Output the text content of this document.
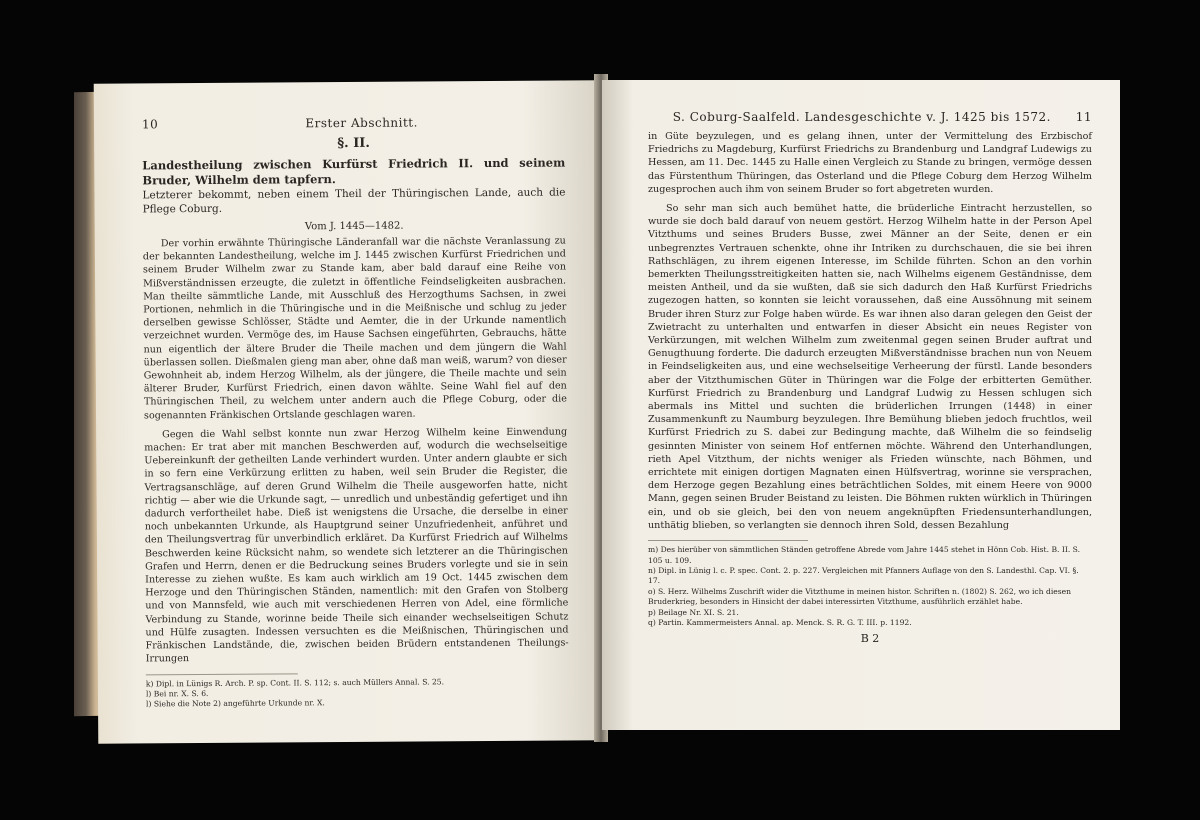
10	Erster Abschnitt.
§. II.
Landestheilung zwischen Kurfürst Friedrich II. und seinem Bruder, Wilhelm dem tapfern.
Letzterer bekommt, neben einem Theil der Thüringischen Lande, auch die Pflege Coburg.
Vom J. 1445—1482.

Der vorhin erwähnte Thüringische Länderanfall war die nächste Veranlassung zu der bekannten Landestheilung, welche im J. 1445 zwischen Kurfürst Friedrichen und seinem Bruder Wilhelm zwar zu Stande kam, aber bald darauf eine Reihe von Mißverständnissen erzeugte, die zuletzt in öffentliche Feindseligkeiten ausbrachen. Man theilte sämmtliche Lande, mit Ausschluß des Herzogthums Sachsen, in zwei Portionen, nehmlich in die Thüringische und in die Meißnische und schlug zu jeder derselben gewisse Schlösser, Städte und Aemter, die in der Urkunde namentlich verzeichnet wurden. Vermöge des, im Hause Sachsen eingeführten, Gebrauchs, hätte nun eigentlich der ältere Bruder die Theile machen und dem jüngern die Wahl überlassen sollen. Dießmalen gieng man aber, ohne daß man weiß, warum? von dieser Gewohnheit ab, indem Herzog Wilhelm, als der jüngere, die Theile machte und sein älterer Bruder, Kurfürst Friedrich, einen davon wählte. Seine Wahl fiel auf den Thüringischen Theil, zu welchem unter andern auch die Pflege Coburg, oder die sogenannten Fränkischen Ortslande geschlagen waren.

Gegen die Wahl selbst konnte nun zwar Herzog Wilhelm keine Einwendung machen: Er trat aber mit manchen Beschwerden auf, wodurch die wechselseitige Uebereinkunft der getheilten Lande verhindert wurden. Unter andern glaubte er sich in so fern eine Verkürzung erlitten zu haben, weil sein Bruder die Register, die Vertragsanschläge, auf deren Grund Wilhelm die Theile ausgeworfen hatte, nicht richtig — aber wie die Urkunde sagt, — unredlich und unbeständig gefertiget und ihn dadurch verfortheilet habe. Dieß ist wenigstens die Ursache, die derselbe in einer noch unbekannten Urkunde, als Hauptgrund seiner Unzufriedenheit, anführet und den Theilungsvertrag für unverbindlich erkläret. Da Kurfürst Friedrich auf Wilhelms Beschwerden keine Rücksicht nahm, so wendete sich letzterer an die Thüringischen Grafen und Herrn, denen er die Bedruckung seines Bruders vorlegte und sie in sein Interesse zu ziehen wußte. Es kam auch wirklich am 19 Oct. 1445 zwischen dem Herzoge und den Thüringischen Ständen, namentlich: mit den Grafen von Stolberg und von Mannsfeld, wie auch mit verschiedenen Herren von Adel, eine förmliche Verbindung zu Stande, worinne beide Theile sich einander wechselseitigen Schutz und Hülfe zusagten. Indessen versuchten es die Meißnischen, Thüringischen und Fränkischen Landstände, die, zwischen beiden Brüdern entstandenen Theilungs-Irrungen

k) Dipl. in Lünigs R. Arch. P. sp. Cont. II. S. 112; s. auch Müllers Annal. S. 25.
l) Bei nr. X. S. 6.
l) Siehe die Note 2) angeführte Urkunde nr. X.
S. Coburg-Saalfeld. Landesgeschichte v. J. 1425 bis 1572.	11

in Güte beyzulegen, und es gelang ihnen, unter der Vermittelung des Erzbischof Friedrichs zu Magdeburg, Kurfürst Friedrichs zu Brandenburg und Landgraf Ludewigs zu Hessen, am 11. Dec. 1445 zu Halle einen Vergleich zu Stande zu bringen, vermöge dessen das Fürstenthum Thüringen, das Osterland und die Pflege Coburg dem Herzog Wilhelm zugesprochen auch ihm von seinem Bruder so fort abgetreten wurden.

So sehr man sich auch bemühet hatte, die brüderliche Eintracht herzustellen, so wurde sie doch bald darauf von neuem gestört. Herzog Wilhelm hatte in der Person Apel Vitzthums und seines Bruders Busse, zwei Männer an der Seite, denen er ein unbegrenztes Vertrauen schenkte, ohne ihr Intriken zu durchschauen, die sie bei ihren Rathschlägen, zu ihrem eigenen Interesse, im Schilde führten. Schon an den vorhin bemerkten Theilungsstreitigkeiten hatten sie, nach Wilhelms eigenem Geständnisse, dem meisten Antheil, und da sie wußten, daß sie sich dadurch den Haß Kurfürst Friedrichs zugezogen hatten, so konnten sie leicht voraussehen, daß eine Aussöhnung mit seinem Bruder ihren Sturz zur Folge haben würde. Es war ihnen also daran gelegen den Geist der Zwietracht zu unterhalten und entwarfen in dieser Absicht ein neues Register von Verkürzungen, mit welchen Wilhelm zum zweitenmal gegen seinen Bruder auftrat und Genugthuung forderte. Die dadurch erzeugten Mißverständnisse brachen nun von Neuem in Feindseligkeiten aus, und eine wechselseitige Verheerung der fürstl. Lande besonders aber der Vitzthumischen Güter in Thüringen war die Folge der erbitterten Gemüther. Kurfürst Friedrich zu Brandenburg und Landgraf Ludwig zu Hessen schlugen sich abermals ins Mittel und suchten die brüderlichen Irrungen (1448) in einer Zusammenkunft zu Naumburg beyzulegen. Ihre Bemühung blieben jedoch fruchtlos, weil Kurfürst Friedrich zu S. dabei zur Bedingung machte, daß Wilhelm die so feindselig gesinnten Minister von seinem Hof entfernen möchte. Während den Unterhandlungen, rieth Apel Vitzthum, der nichts weniger als Frieden wünschte, nach Böhmen, und errichtete mit einigen dortigen Magnaten einen Hülfsvertrag, worinne sie versprachen, dem Herzoge gegen Bezahlung eines beträchtlichen Soldes, mit einem Heere von 9000 Mann, gegen seinen Bruder Beistand zu leisten. Die Böhmen rukten würklich in Thüringen ein, und ob sie gleich, bei den von neuem angeknüpften Friedensunterhandlungen, unthätig blieben, so verlangten sie dennoch ihren Sold, dessen Bezahlung

m) Des hierüber von sämmtlichen Ständen getroffene Abrede vom Jahre 1445 stehet in Hönn Cob. Hist. B. II. S. 105 u. 109.
n) Dipl. in Lünig l. c. P. spec. Cont. 2. p. 227. Vergleichen mit Pfanners Auflage von den S. Landesthl. Cap. VI. §. 17.
o) S. Herz. Wilhelms Zuschrift wider die Vitzthume in meinen histor. Schriften n. (1802) S. 262, wo ich diesen Bruderkrieg, besonders in Hinsicht der dabei interessirten Vitzthume, ausführlich erzählet habe.
p) Beilage Nr. XI. S. 21.
q) Partin. Kammermeisters Annal. ap. Menck. S. R. G. T. III. p. 1192.
B 2
